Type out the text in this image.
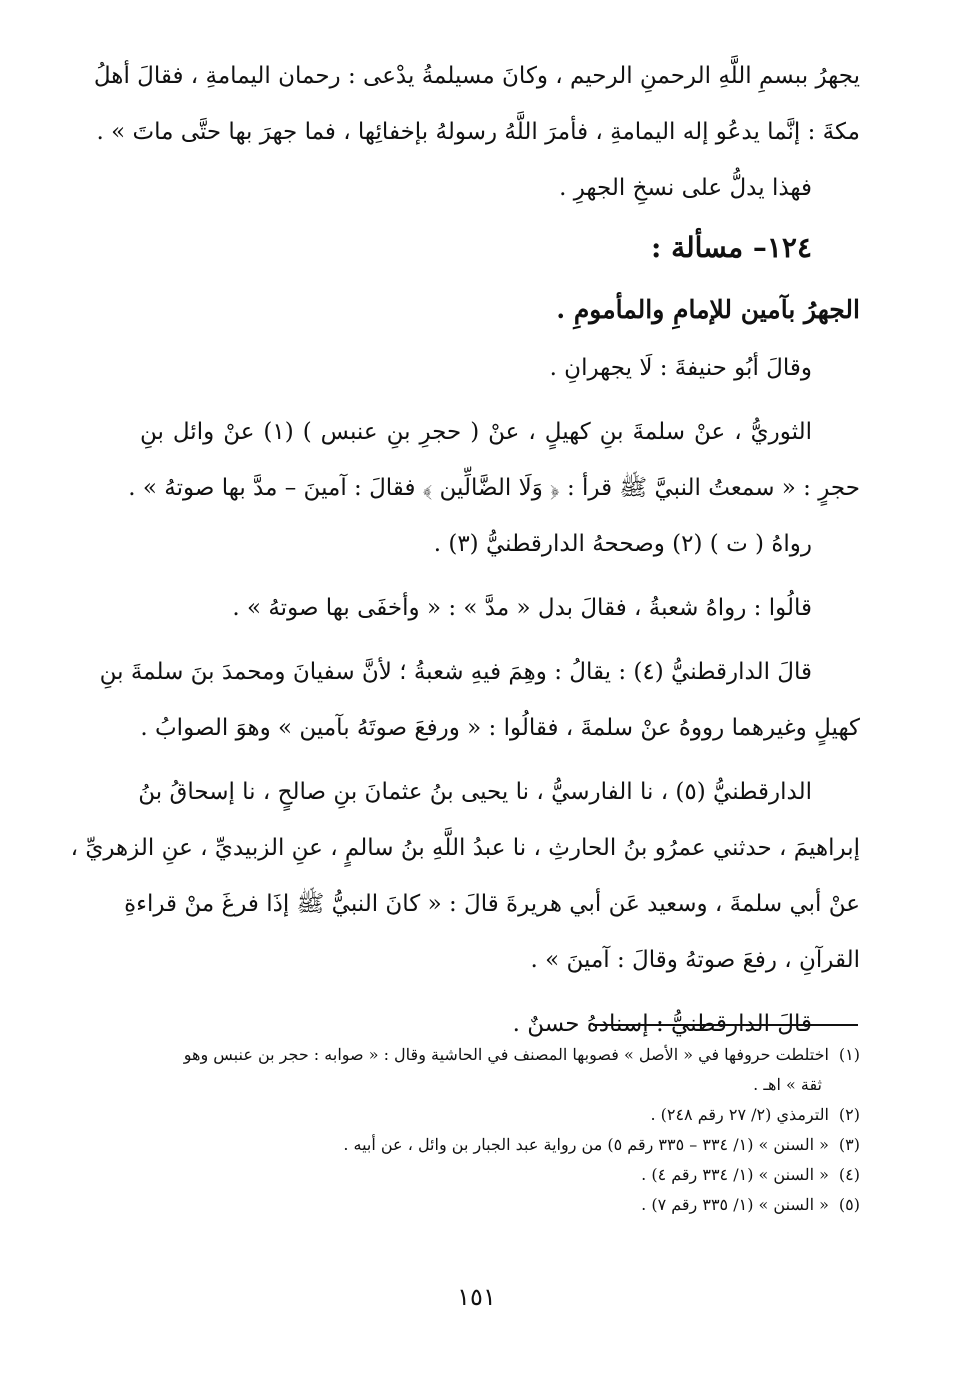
يجهرُ ببسمِ اللَّهِ الرحمنِ الرحيم ، وكانَ مسيلمةُ يدْعى : رحمان اليمامةِ ، فقالَ أهلُ
مكةَ : إنَّما يدعُو إله اليمامةِ ، فأمرَ اللَّهُ رسولهُ بإخفائِها ، فما جهرَ بها حتَّى ماتَ » .
فهذا يدلُّ على نسخِ الجهرِ .
١٢٤– مسألة :
الجهرُ بآمين للإمامِ والمأمومِ .
وقالَ أبُو حنيفةَ : لَا يجهرانِ .
الثوريُّ ، عنْ سلمةَ بنِ كهيلٍ ، عنْ ( حجرِ بنِ عنبس ) (١) عنْ وائل بنِ
حجرٍ : « سمعتُ النبيَّ ﷺ قرأ : ﴿ وَلَا الضَّالِّين ﴾ فقالَ : آمينَ – مدَّ بها صوتهُ » .
رواهُ ( ت ) (٢) وصححهُ الدارقطنيُّ (٣) .
قالُوا : رواهُ شعبةُ ، فقالَ بدل « مدَّ » : « وأخفَى بها صوتهُ » .
قالَ الدارقطنيُّ (٤) : يقالُ : وهِمَ فيهِ شعبةُ ؛ لأنَّ سفيانَ ومحمدَ بنَ سلمةَ بنِ
كهيلٍ وغيرهما رووهُ عنْ سلمةَ ، فقالُوا : « ورفعَ صوتَهُ بآمين » وهوَ الصوابُ .
الدارقطنيُّ (٥) ، نا الفارسيُّ ، نا يحيى بنُ عثمانَ بنِ صالحٍ ، نا إسحاقُ بنُ
إبراهيمَ ، حدثني عمرُو بنُ الحارثِ ، نا عبدُ اللَّهِ بنُ سالمٍ ، عنِ الزبيديِّ ، عنِ الزهريِّ ،
عنْ أبي سلمةَ ، وسعيد عَن أبي هريرةَ قالَ : « كانَ النبيُّ ﷺ إذَا فرغَ منْ قراءةِ
القرآنِ ، رفعَ صوتهُ وقالَ : آمينَ » .
قالَ الدارقطنيُّ : إسنادهُ حسنٌ .
(١)اختلطت حروفها في « الأصل » فصوبها المصنف في الحاشية وقال : « صوابه : حجر بن عنبس وهو
ثقة » اهـ .
(٢)الترمذي (٢/ ٢٧ رقم ٢٤٨) .
(٣)« السنن » (١/ ٣٣٤ – ٣٣٥ رقم ٥) من رواية عبد الجبار بن وائل ، عن أبيه .
(٤)« السنن » (١/ ٣٣٤ رقم ٤) .
(٥)« السنن » (١/ ٣٣٥ رقم ٧) .
١٥١
